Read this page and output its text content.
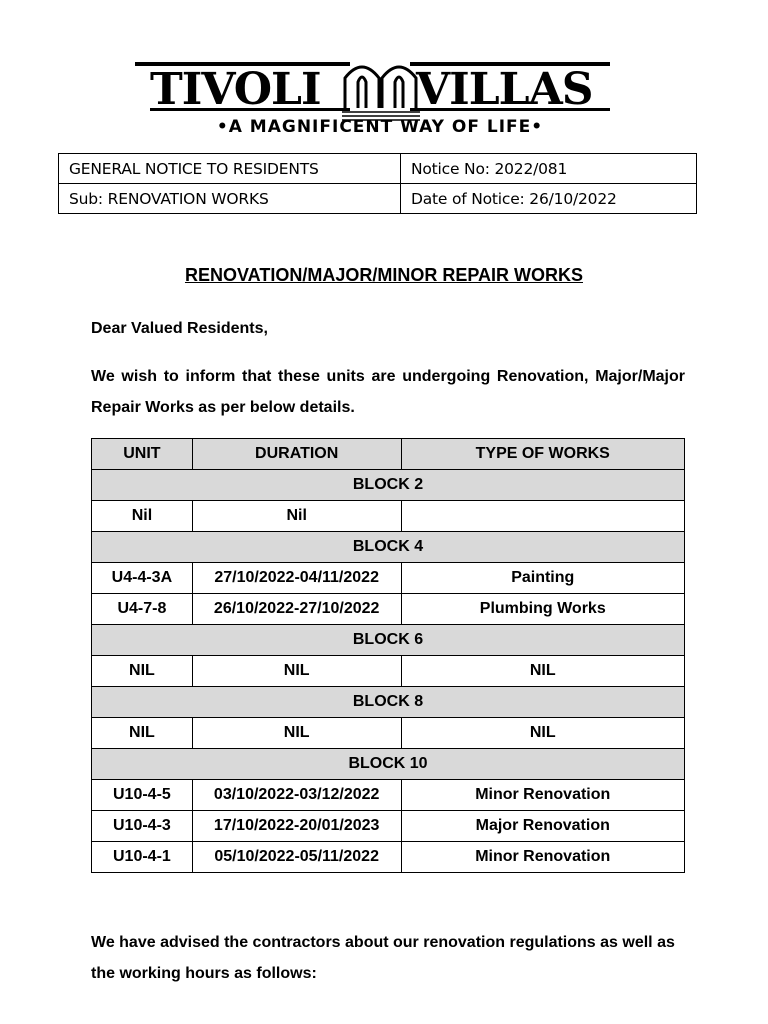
TIVOLI VILLAS
•A MAGNIFICENT WAY OF LIFE•
GENERAL NOTICE TO RESIDENTS	Notice No: 2022/081
Sub: RENOVATION WORKS	Date of Notice: 26/10/2022
RENOVATION/MAJOR/MINOR REPAIR WORKS
Dear Valued Residents,
We wish to inform that these units are undergoing Renovation, Major/Major Repair Works as per below details.
UNIT	DURATION	TYPE OF WORKS
BLOCK 2		
Nil	Nil	
BLOCK 4		
U4-4-3A	27/10/2022-04/11/2022	Painting
U4-7-8	26/10/2022-27/10/2022	Plumbing Works
BLOCK 6		
NIL	NIL	NIL
BLOCK 8		
NIL	NIL	NIL
BLOCK 10		
U10-4-5	03/10/2022-03/12/2022	Minor Renovation
U10-4-3	17/10/2022-20/01/2023	Major Renovation
U10-4-1	05/10/2022-05/11/2022	Minor Renovation
We have advised the contractors about our renovation regulations as well as the working hours as follows:
